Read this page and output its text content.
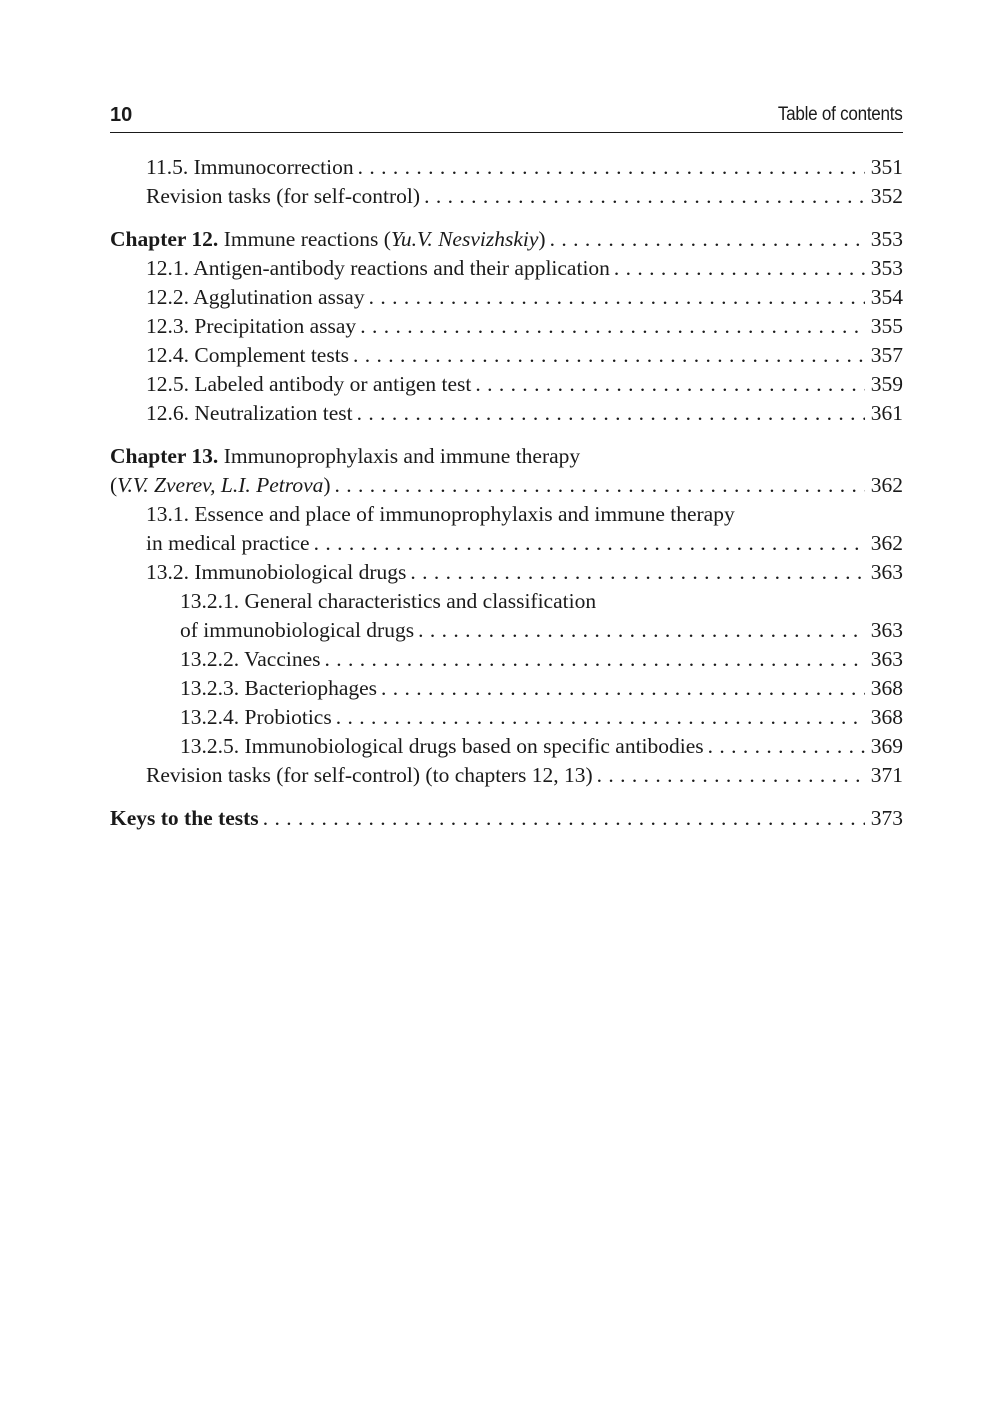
10	Table of contents
11.5. Immunocorrection . . .	351
Revision tasks (for self-control) . . .	352
Chapter 12. Immune reactions (Yu.V. Nesvizhskiy) . . .	353
12.1. Antigen-antibody reactions and their application . . .	353
12.2. Agglutination assay . . .	354
12.3. Precipitation assay . . .	355
12.4. Complement tests . . .	357
12.5. Labeled antibody or antigen test . . .	359
12.6. Neutralization test . . .	361
Chapter 13. Immunoprophylaxis and immune therapy
(V.V. Zverev, L.I. Petrova) . . .	362
13.1. Essence and place of immunoprophylaxis and immune therapy
in medical practice . . .	362
13.2. Immunobiological drugs . . .	363
13.2.1. General characteristics and classification
of immunobiological drugs . . .	363
13.2.2. Vaccines . . .	363
13.2.3. Bacteriophages . . .	368
13.2.4. Probiotics . . .	368
13.2.5. Immunobiological drugs based on specific antibodies . . .	369
Revision tasks (for self-control) (to chapters 12, 13) . . .	371
Keys to the tests . . .	373
